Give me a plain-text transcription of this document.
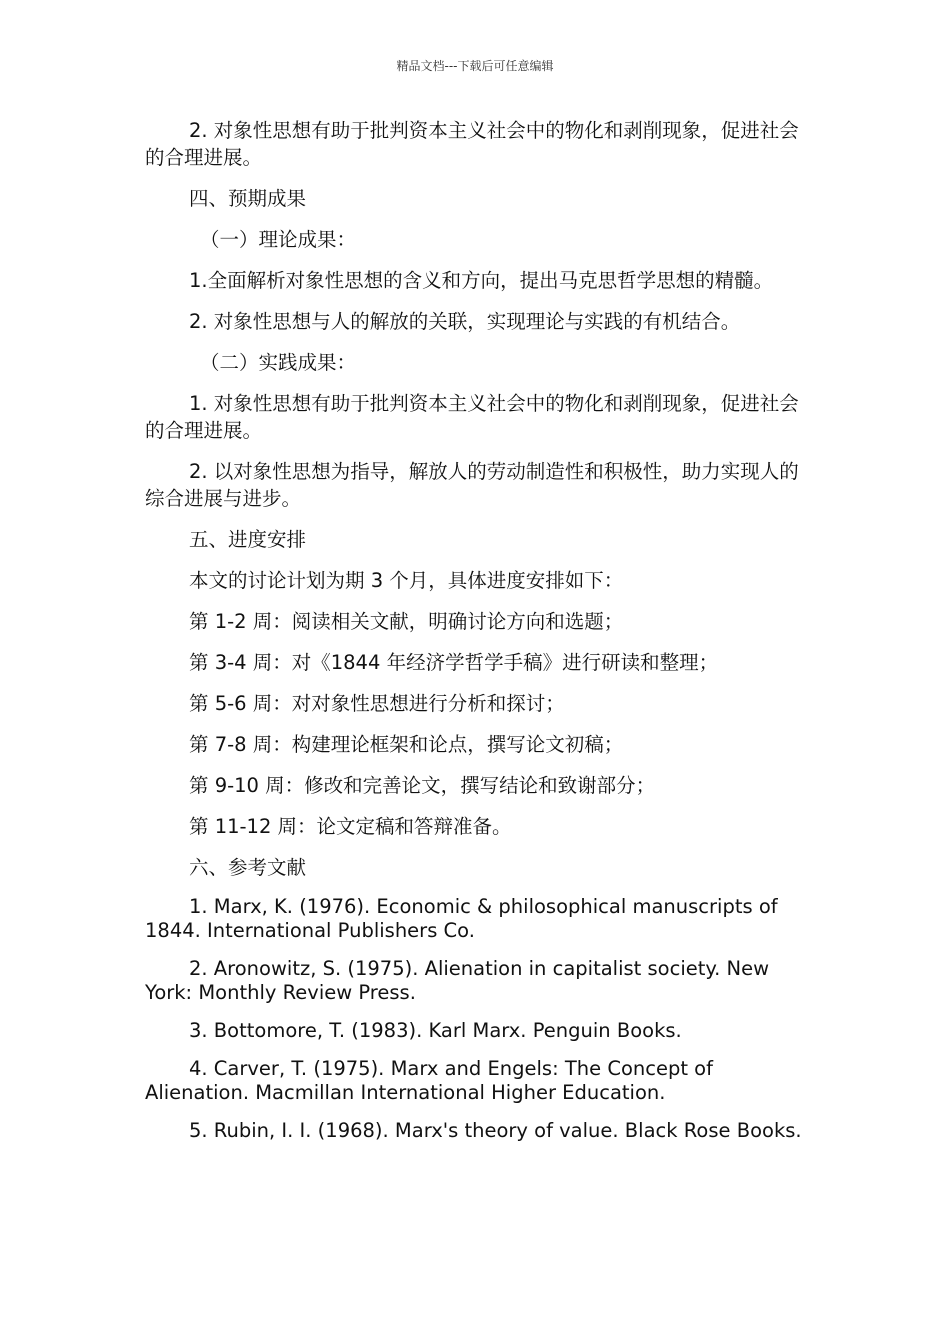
精品文档---下载后可任意编辑

2. 对象性思想有助于批判资本主义社会中的物化和剥削现象，促进社会的合理进展。

四、预期成果

（一）理论成果：

1.全面解析对象性思想的含义和方向，提出马克思哲学思想的精髓。

2. 对象性思想与人的解放的关联，实现理论与实践的有机结合。

（二）实践成果：

1. 对象性思想有助于批判资本主义社会中的物化和剥削现象，促进社会的合理进展。

2. 以对象性思想为指导，解放人的劳动制造性和积极性，助力实现人的综合进展与进步。

五、进度安排

本文的讨论计划为期 3 个月，具体进度安排如下：

第 1-2 周：阅读相关文献，明确讨论方向和选题；

第 3-4 周：对《1844 年经济学哲学手稿》进行研读和整理；

第 5-6 周：对对象性思想进行分析和探讨；

第 7-8 周：构建理论框架和论点，撰写论文初稿；

第 9-10 周：修改和完善论文，撰写结论和致谢部分；

第 11-12 周：论文定稿和答辩准备。

六、参考文献

1. Marx, K. (1976). Economic & philosophical manuscripts of 1844. International Publishers Co.

2. Aronowitz, S. (1975). Alienation in capitalist society. New York: Monthly Review Press.

3. Bottomore, T. (1983). Karl Marx. Penguin Books.

4. Carver, T. (1975). Marx and Engels: The Concept of Alienation. Macmillan International Higher Education.

5. Rubin, I. I. (1968). Marx's theory of value. Black Rose Books.
